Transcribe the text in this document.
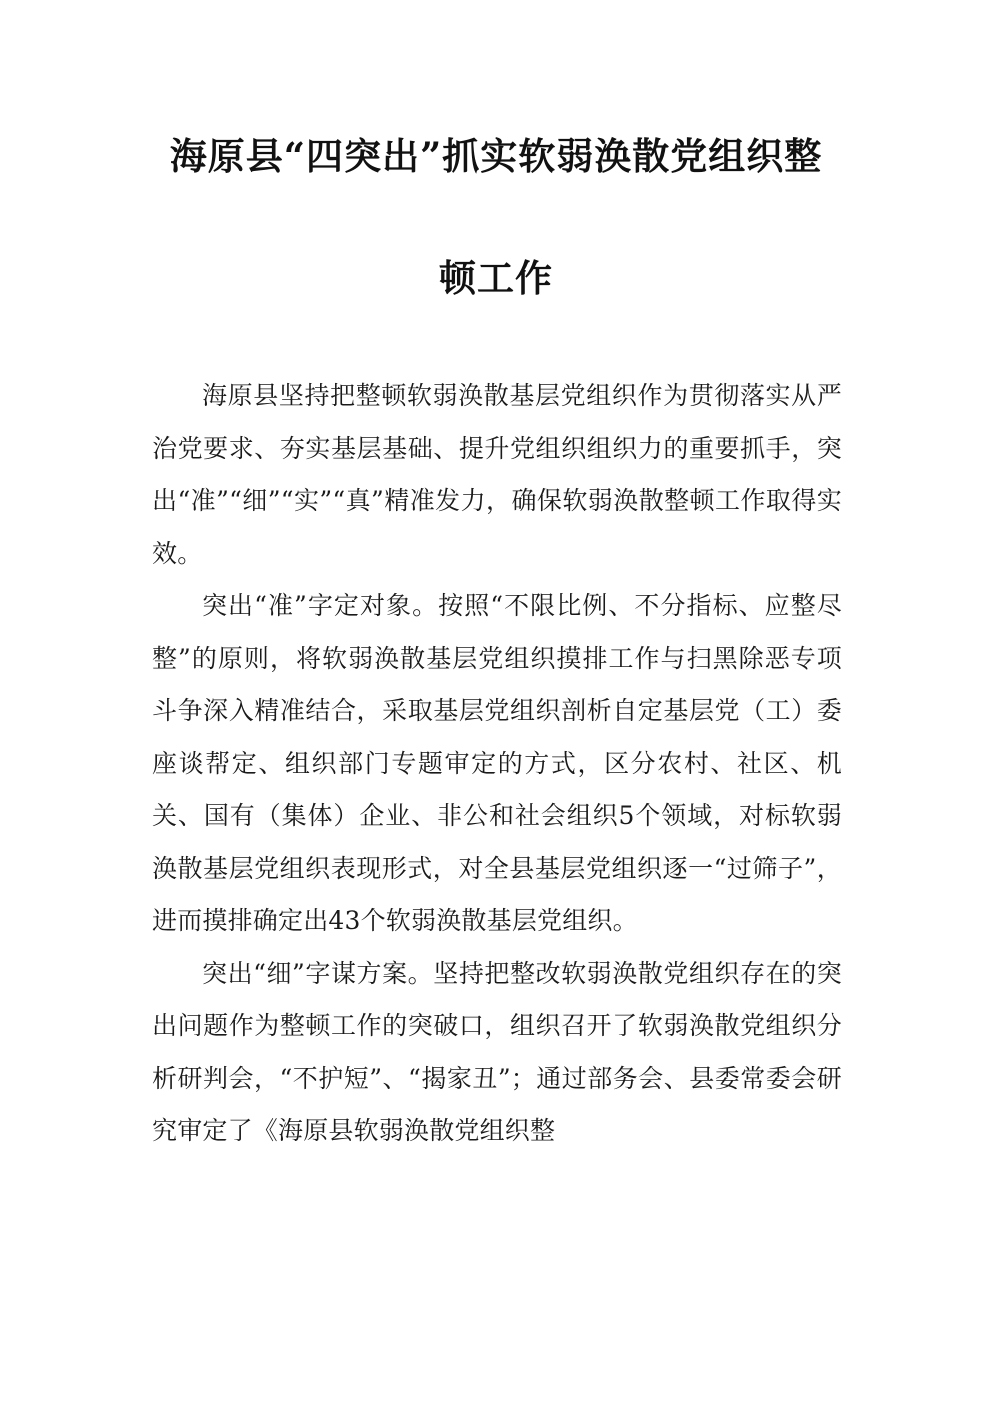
海原县“四突出”抓实软弱涣散党组织整
顿工作

海原县坚持把整顿软弱涣散基层党组织作为贯彻落实从严治党要求、夯实基层基础、提升党组织组织力的重要抓手，突出“准”“细”“实”“真”精准发力，确保软弱涣散整顿工作取得实效。

突出“准”字定对象。按照“不限比例、不分指标、应整尽整”的原则，将软弱涣散基层党组织摸排工作与扫黑除恶专项斗争深入精准结合，采取基层党组织剖析自定基层党（工）委座谈帮定、组织部门专题审定的方式，区分农村、社区、机关、国有（集体）企业、非公和社会组织5个领域，对标软弱涣散基层党组织表现形式，对全县基层党组织逐一“过筛子”，进而摸排确定出43个软弱涣散基层党组织。

突出“细”字谋方案。坚持把整改软弱涣散党组织存在的突出问题作为整顿工作的突破口，组织召开了软弱涣散党组织分析研判会，“不护短”、“揭家丑”；通过部务会、县委常委会研究审定了《海原县软弱涣散党组织整
